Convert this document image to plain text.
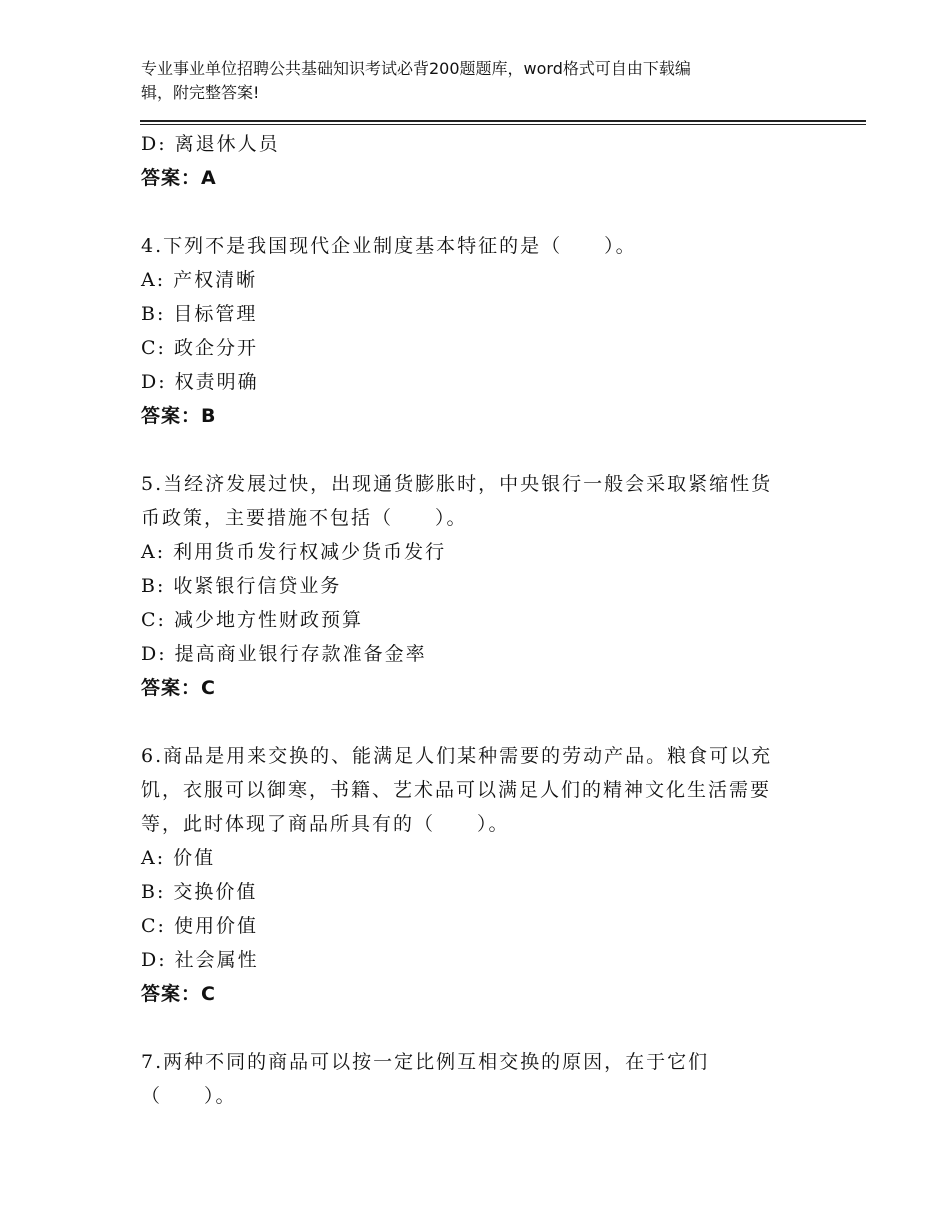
专业事业单位招聘公共基础知识考试必背200题题库，word格式可自由下载编
辑，附完整答案!
D: 离退休人员
答案：A
4.下列不是我国现代企业制度基本特征的是（　　）。
A: 产权清晰
B: 目标管理
C: 政企分开
D: 权责明确
答案：B
5.当经济发展过快，出现通货膨胀时，中央银行一般会采取紧缩性货
币政策，主要措施不包括（　　）。
A: 利用货币发行权减少货币发行
B: 收紧银行信贷业务
C: 减少地方性财政预算
D: 提高商业银行存款准备金率
答案：C
6.商品是用来交换的、能满足人们某种需要的劳动产品。粮食可以充
饥，衣服可以御寒，书籍、艺术品可以满足人们的精神文化生活需要
等，此时体现了商品所具有的（　　）。
A: 价值
B: 交换价值
C: 使用价值
D: 社会属性
答案：C
7.两种不同的商品可以按一定比例互相交换的原因，在于它们
（　　）。
